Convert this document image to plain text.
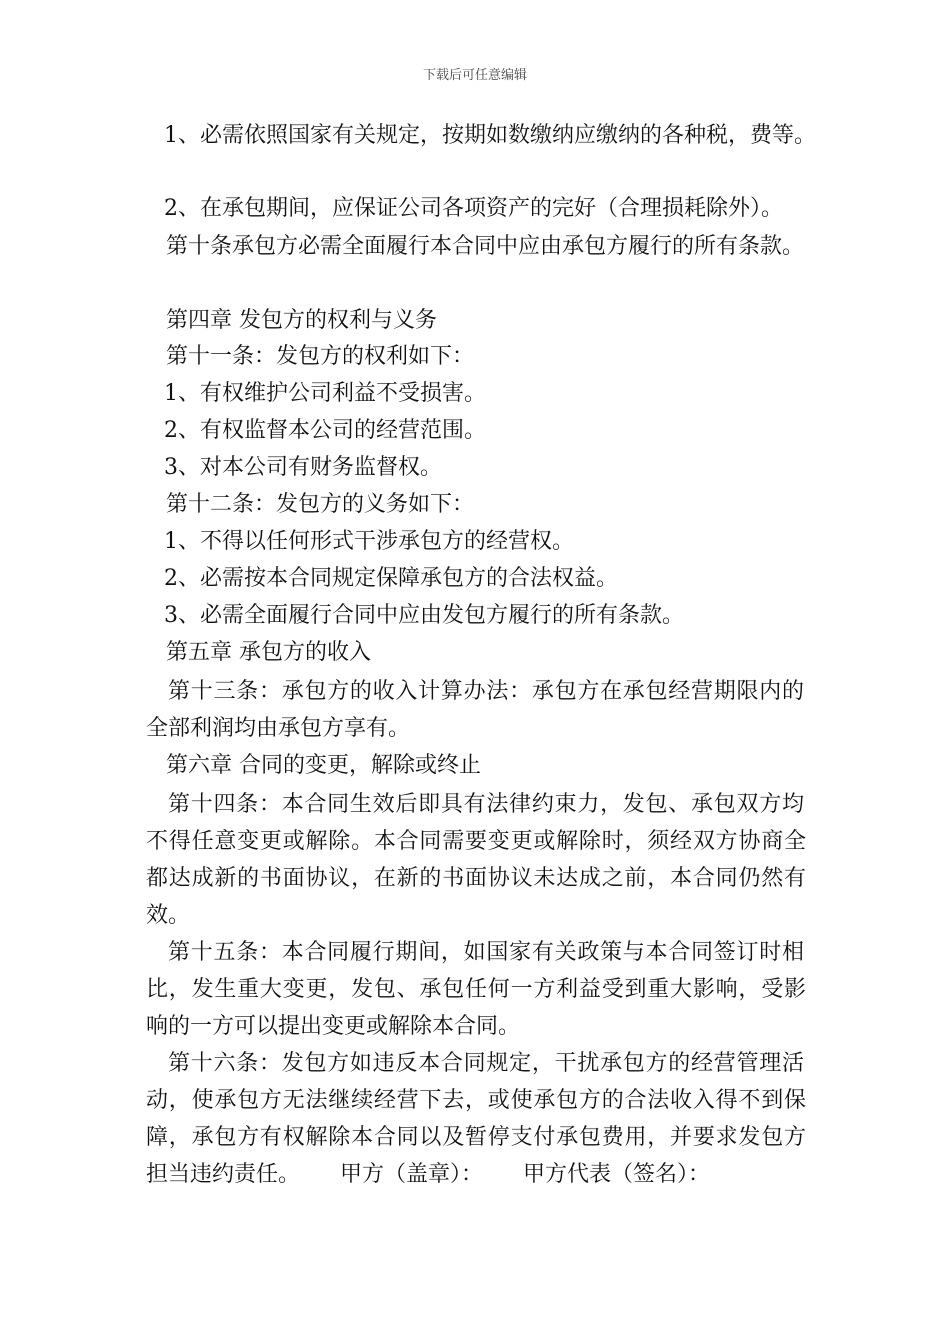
下载后可任意编辑
1、必需依照国家有关规定，按期如数缴纳应缴纳的各种税，费等。
2、在承包期间，应保证公司各项资产的完好（合理损耗除外）。
第十条承包方必需全面履行本合同中应由承包方履行的所有条款。
第四章 发包方的权利与义务
第十一条：发包方的权利如下：
1、有权维护公司利益不受损害。
2、有权监督本公司的经营范围。
3、对本公司有财务监督权。
第十二条：发包方的义务如下：
1、不得以任何形式干涉承包方的经营权。
2、必需按本合同规定保障承包方的合法权益。
3、必需全面履行合同中应由发包方履行的所有条款。
第五章 承包方的收入
第十三条：承包方的收入计算办法：承包方在承包经营期限内的
全部利润均由承包方享有。
第六章 合同的变更，解除或终止
第十四条：本合同生效后即具有法律约束力，发包、承包双方均
不得任意变更或解除。本合同需要变更或解除时，须经双方协商全
都达成新的书面协议，在新的书面协议未达成之前，本合同仍然有
效。
第十五条：本合同履行期间，如国家有关政策与本合同签订时相
比，发生重大变更，发包、承包任何一方利益受到重大影响，受影
响的一方可以提出变更或解除本合同。
第十六条：发包方如违反本合同规定，干扰承包方的经营管理活
动，使承包方无法继续经营下去，或使承包方的合法收入得不到保
障，承包方有权解除本合同以及暂停支付承包费用，并要求发包方
担当违约责任。 甲方（盖章）： 甲方代表（签名）：
